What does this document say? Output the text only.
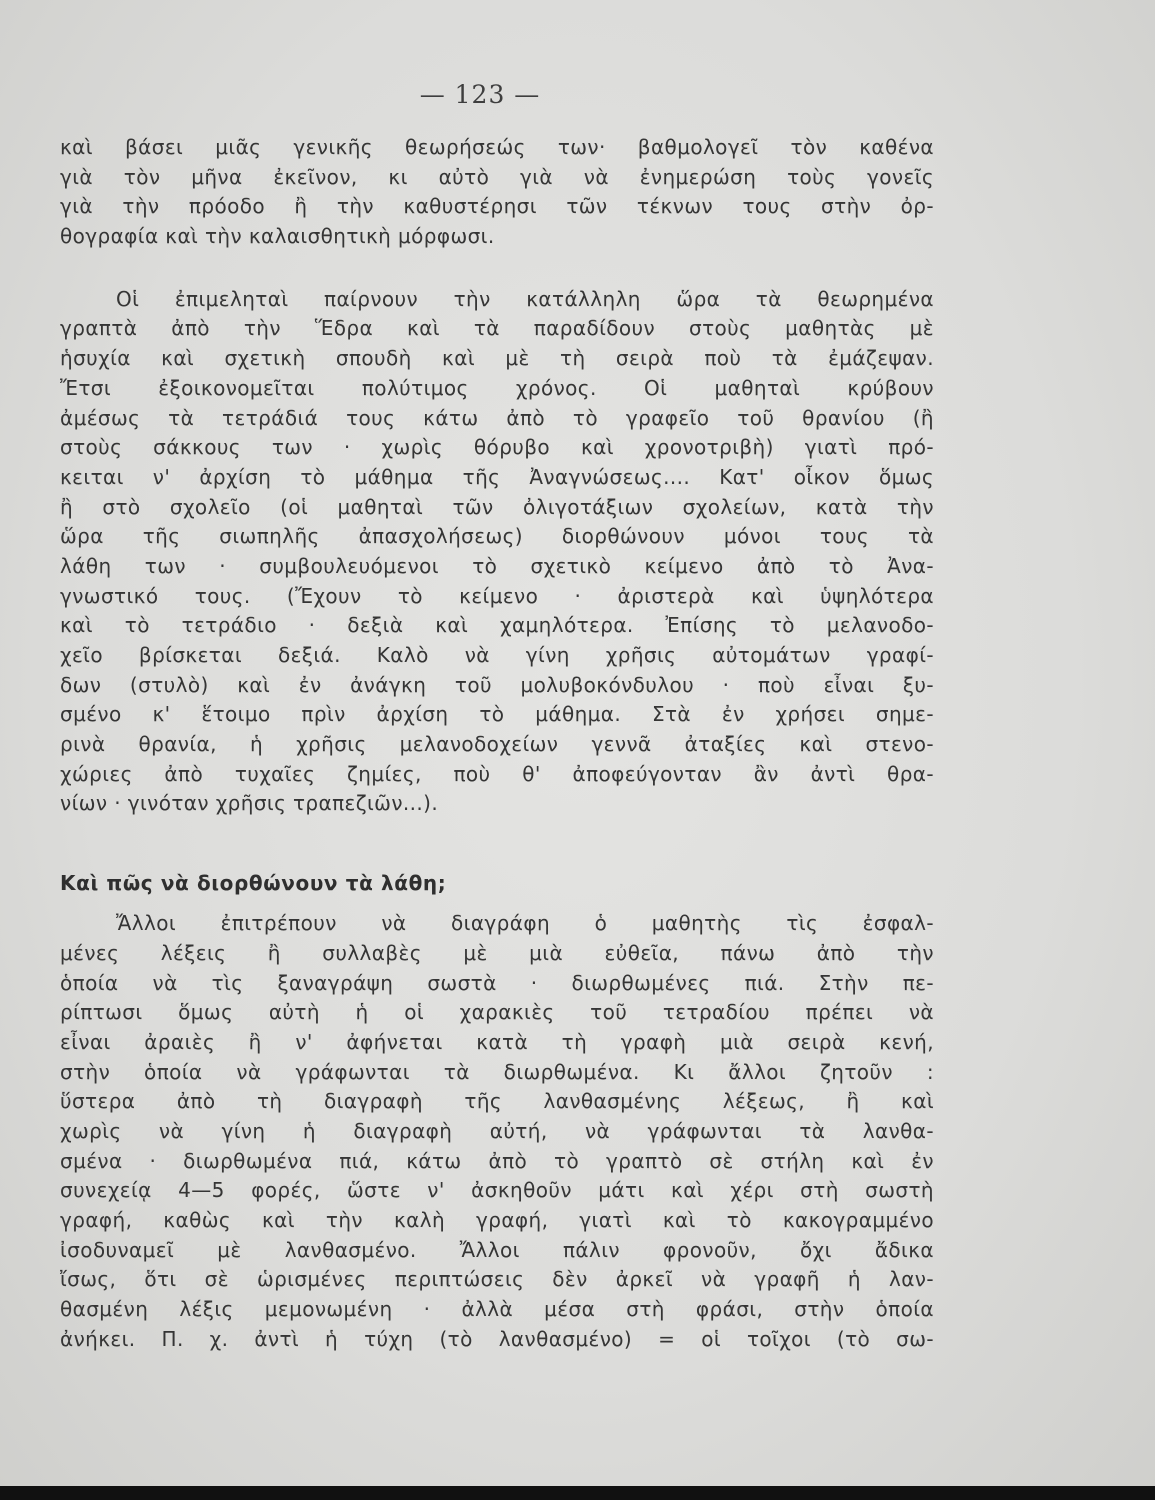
— 123 —
καὶ βάσει μιᾶς γενικῆς θεωρήσεώς των· βαθμολογεῖ τὸν καθένα
γιὰ τὸν μῆνα ἐκεῖνον, κι αὐτὸ γιὰ νὰ ἐνημερώση τοὺς γονεῖς
γιὰ τὴν πρόοδο ἢ τὴν καθυστέρησι τῶν τέκνων τους στὴν ὀρ-
θογραφία καὶ τὴν καλαισθητικὴ μόρφωσι.
Οἱ ἐπιμεληταὶ παίρνουν τὴν κατάλληλη ὥρα τὰ θεωρημένα
γραπτὰ ἀπὸ τὴν Ἕδρα καὶ τὰ παραδίδουν στοὺς μαθητὰς μὲ
ἡσυχία καὶ σχετικὴ σπουδὴ καὶ μὲ τὴ σειρὰ ποὺ τὰ ἐμάζεψαν.
Ἔτσι ἐξοικονομεῖται πολύτιμος χρόνος. Οἱ μαθηταὶ κρύβουν
ἀμέσως τὰ τετράδιά τους κάτω ἀπὸ τὸ γραφεῖο τοῦ θρανίου (ἢ
στοὺς σάκκους των · χωρὶς θόρυβο καὶ χρονοτριβὴ) γιατὶ πρό-
κειται ν' ἀρχίση τὸ μάθημα τῆς Ἀναγνώσεως.... Κατ' οἶκον ὅμως
ἢ στὸ σχολεῖο (οἱ μαθηταὶ τῶν ὀλιγοτάξιων σχολείων, κατὰ τὴν
ὥρα τῆς σιωπηλῆς ἀπασχολήσεως) διορθώνουν μόνοι τους τὰ
λάθη των · συμβουλευόμενοι τὸ σχετικὸ κείμενο ἀπὸ τὸ Ἀνα-
γνωστικό τους. (Ἔχουν τὸ κείμενο · ἀριστερὰ καὶ ὑψηλότερα
καὶ τὸ τετράδιο · δεξιὰ καὶ χαμηλότερα. Ἐπίσης τὸ μελανοδο-
χεῖο βρίσκεται δεξιά. Καλὸ νὰ γίνη χρῆσις αὐτομάτων γραφί-
δων (στυλὸ) καὶ ἐν ἀνάγκη τοῦ μολυβοκόνδυλου · ποὺ εἶναι ξυ-
σμένο κ' ἕτοιμο πρὶν ἀρχίση τὸ μάθημα. Στὰ ἐν χρήσει σημε-
ρινὰ θρανία, ἡ χρῆσις μελανοδοχείων γεννᾶ ἀταξίες καὶ στενο-
χώριες ἀπὸ τυχαῖες ζημίες, ποὺ θ' ἀποφεύγονταν ἂν ἀντὶ θρα-
νίων · γινόταν χρῆσις τραπεζιῶν...).
Καὶ πῶς νὰ διορθώνουν τὰ λάθη;
Ἄλλοι ἐπιτρέπουν νὰ διαγράφη ὁ μαθητὴς τὶς ἐσφαλ-
μένες λέξεις ἢ συλλαβὲς μὲ μιὰ εὐθεῖα, πάνω ἀπὸ τὴν
ὁποία νὰ τὶς ξαναγράψη σωστὰ · διωρθωμένες πιά. Στὴν πε-
ρίπτωσι ὅμως αὐτὴ ἡ οἱ χαρακιὲς τοῦ τετραδίου πρέπει νὰ
εἶναι ἀραιὲς ἢ ν' ἀφήνεται κατὰ τὴ γραφὴ μιὰ σειρὰ κενή,
στὴν ὁποία νὰ γράφωνται τὰ διωρθωμένα. Κι ἄλλοι ζητοῦν :
ὕστερα ἀπὸ τὴ διαγραφὴ τῆς λανθασμένης λέξεως, ἢ καὶ
χωρὶς νὰ γίνη ἡ διαγραφὴ αὐτή, νὰ γράφωνται τὰ λανθα-
σμένα · διωρθωμένα πιά, κάτω ἀπὸ τὸ γραπτὸ σὲ στήλη καὶ ἐν
συνεχείᾳ 4—5 φορές, ὥστε ν' ἀσκηθοῦν μάτι καὶ χέρι στὴ σωστὴ
γραφή, καθὼς καὶ τὴν καλὴ γραφή, γιατὶ καὶ τὸ κακογραμμένο
ἰσοδυναμεῖ μὲ λανθασμένο. Ἄλλοι πάλιν φρονοῦν, ὄχι ἄδικα
ἴσως, ὅτι σὲ ὡρισμένες περιπτώσεις δὲν ἀρκεῖ νὰ γραφῆ ἡ λαν-
θασμένη λέξις μεμονωμένη · ἀλλὰ μέσα στὴ φράσι, στὴν ὁποία
ἀνήκει. Π. χ. ἀντὶ ἡ τύχη (τὸ λανθασμένο) = οἱ τοῖχοι (τὸ σω-
